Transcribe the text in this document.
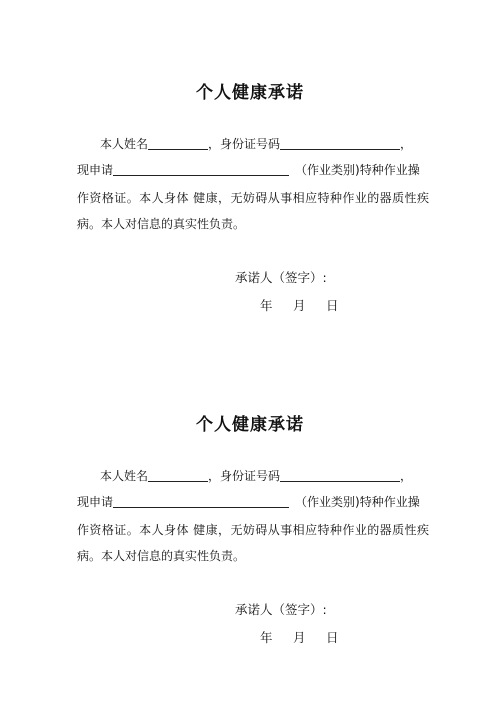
个人健康承诺
本人姓名	，身份证号码	，
现申请	（作业类别)特种作业操
作资格证。本人身体 健康，无妨碍从事相应特种作业的器质性疾
病。本人对信息的真实性负责。
承诺人（签字）:
年 月 日
个人健康承诺
本人姓名	，身份证号码	，
现申请	（作业类别)特种作业操
作资格证。本人身体 健康，无妨碍从事相应特种作业的器质性疾
病。本人对信息的真实性负责。
承诺人（签字）:
年 月 日
